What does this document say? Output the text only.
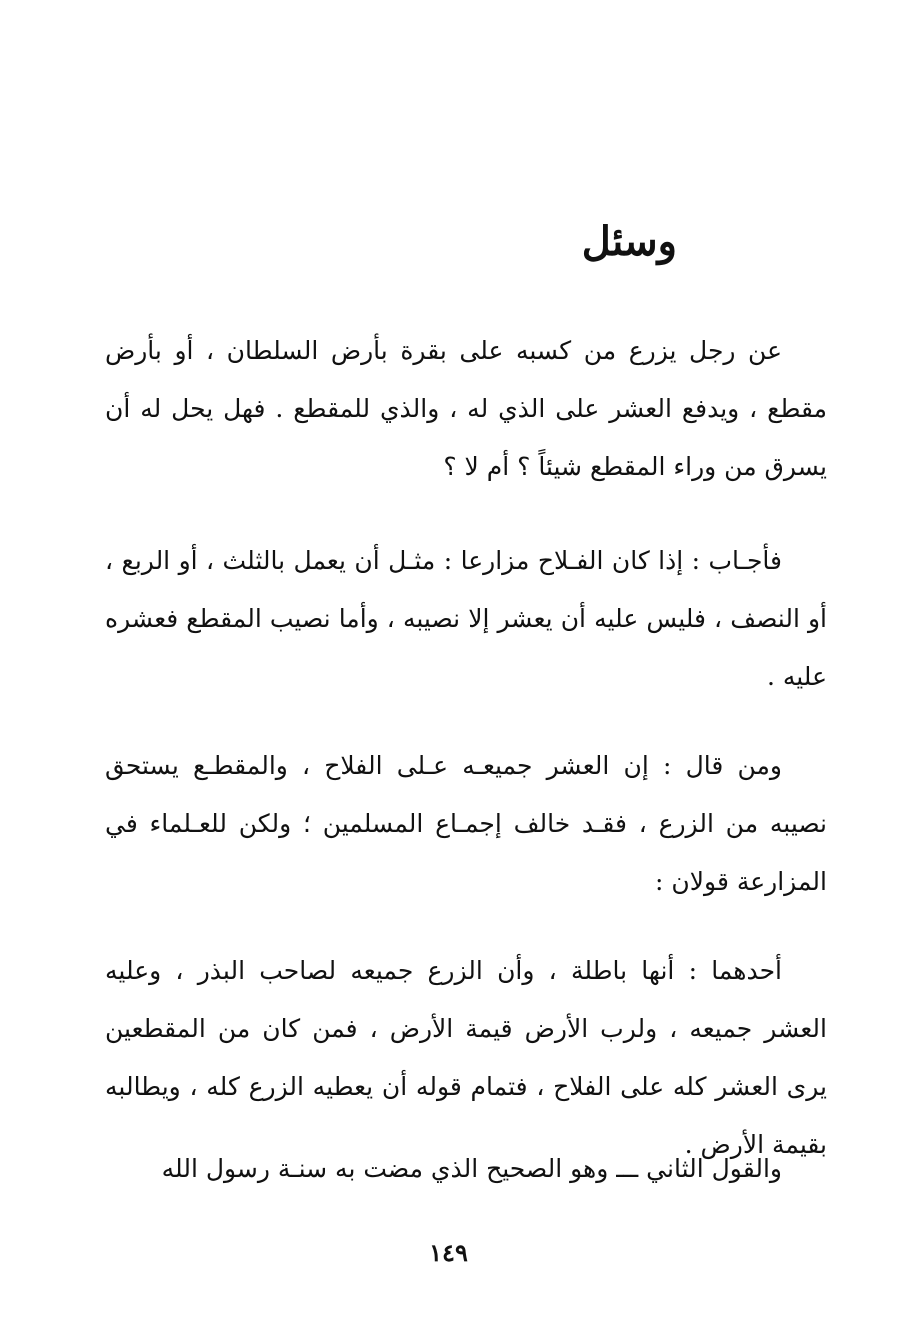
وسئل

عن رجل يزرع من كسبه على بقرة بأرض السلطان ، أو بأرض مقطع ، ويدفع العشر على الذي له ، والذي للمقطع . فهل يحل له أن يسرق من وراء المقطع شيئاً ؟ أم لا ؟

فأجـاب : إذا كان الفـلاح مزارعا : مثـل أن يعمل بالثلث ، أو الربع ، أو النصف ، فليس عليه أن يعشر إلا نصيبه ، وأما نصيب المقطع فعشره عليه .

ومن قال : إن العشر جميعـه عـلى الفلاح ، والمقطـع يستحق نصيبه من الزرع ، فقـد خالف إجمـاع المسلمين ؛ ولكن للعـلماء في المزارعة قولان :

أحدهما : أنها باطلة ، وأن الزرع جميعه لصاحب البذر ، وعليه العشر جميعه ، ولرب الأرض قيمة الأرض ، فمن كان من المقطعين يرى العشر كله على الفلاح ، فتمام قوله أن يعطيه الزرع كله ، ويطالبه بقيمة الأرض .

والقول الثاني ـــ وهو الصحيح الذي مضت به سنـة رسول الله

١٤٩
